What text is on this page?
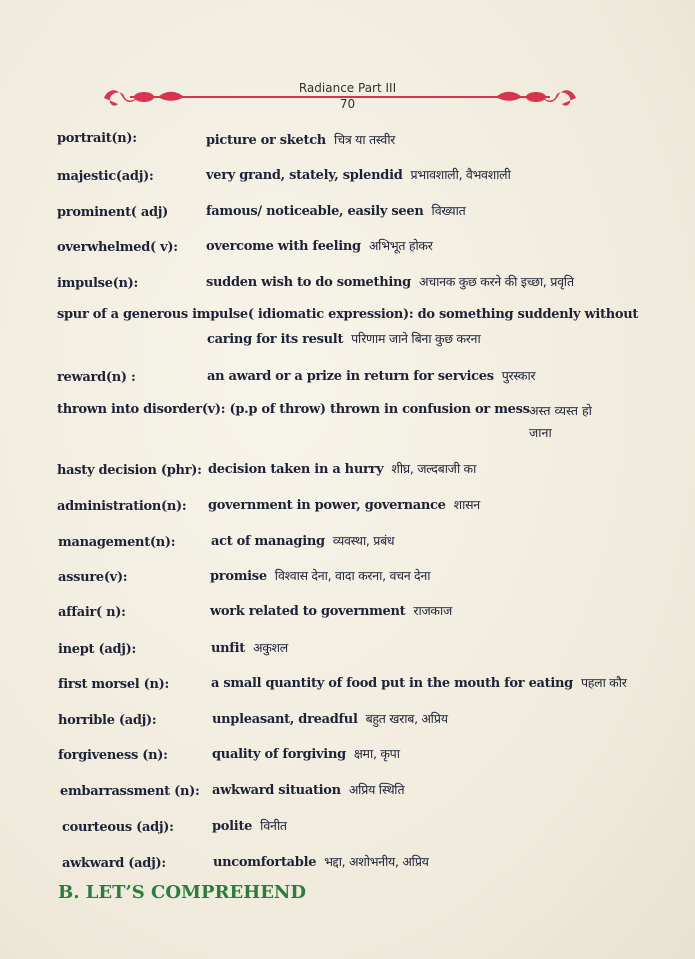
Radiance Part III
70
portrait(n):	picture or sketch चित्र या तस्वीर
majestic(adj):	very grand, stately, splendid प्रभावशाली, वैभवशाली
prominent( adj)	famous/ noticeable, easily seen विख्यात
overwhelmed( v): overcome with feeling अभिभूत होकर
impulse(n):	sudden wish to do something अचानक कुछ करने की इच्छा, प्रवृति
spur of a generous impulse( idiomatic expression): do something suddenly without
caring for its result परिणाम जाने बिना कुछ करना
reward(n) :	an award or a prize in return for services पुरस्कार
thrown into disorder(v): (p.p of throw) thrown in confusion or mess अस्त व्यस्त हो
जाना
hasty decision (phr): decision taken in a hurry शीघ्र, जल्दबाजी का
administration(n): government in power, governance शासन
management(n):	act of managing व्यवस्था, प्रबंध
assure(v):	promise विश्वास देना, वादा करना, वचन देना
affair( n):	work related to government राजकाज
inept (adj):	unfit अकुशल
first morsel (n):	a small quantity of food put in the mouth for eating पहला कौर
horrible (adj):	unpleasant, dreadful बहुत खराब, अप्रिय
forgiveness (n):	quality of forgiving क्षमा, कृपा
embarrassment (n): awkward situation अप्रिय स्थिति
courteous (adj):	polite विनीत
awkward (adj):	uncomfortable भद्दा, अशोभनीय, अप्रिय
B. LET’S COMPREHEND
